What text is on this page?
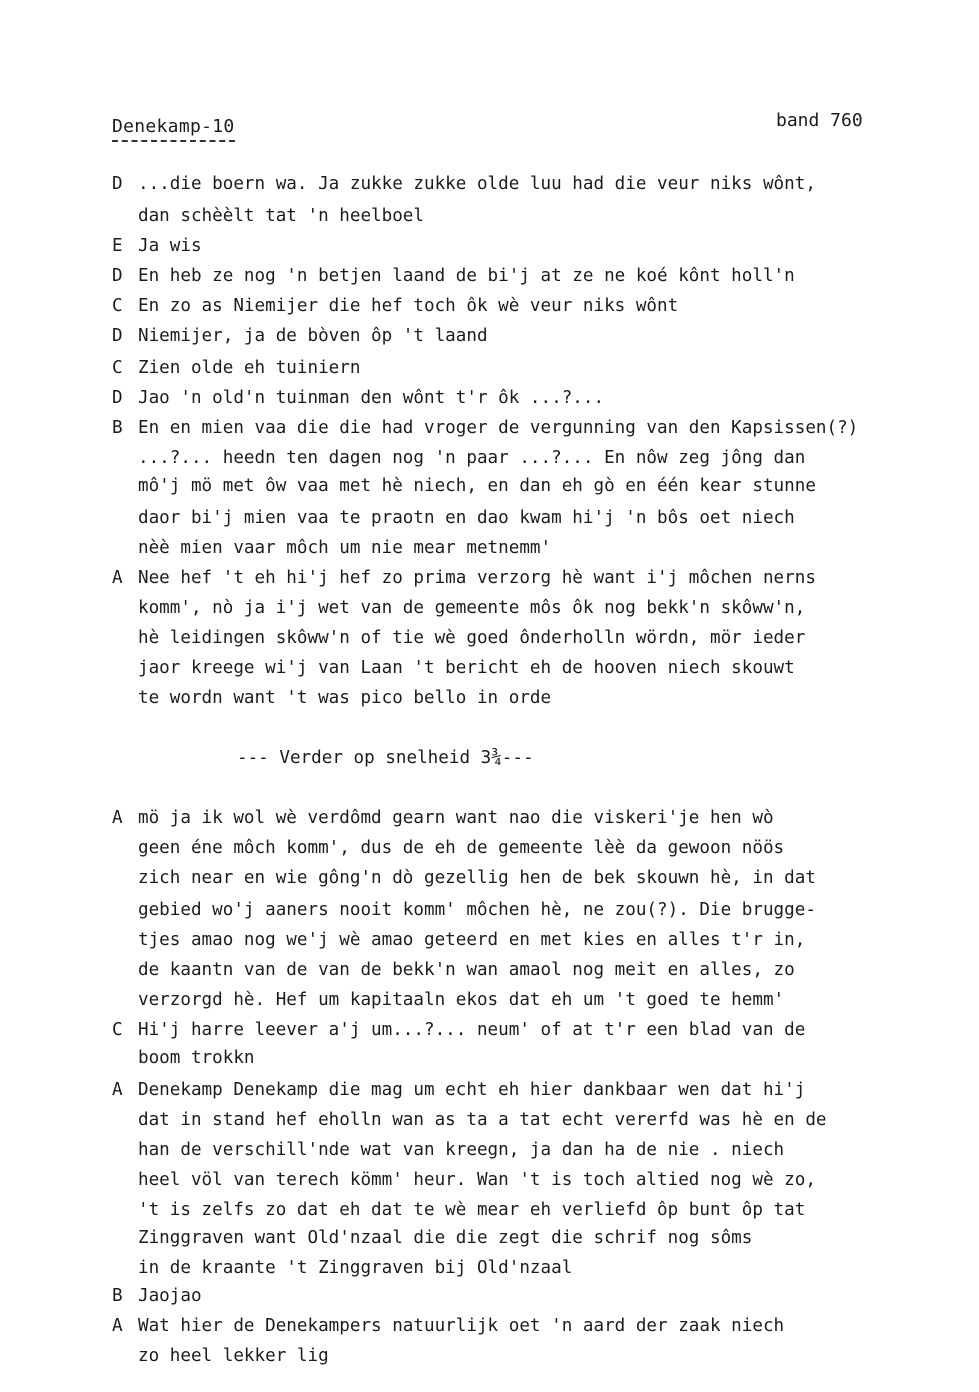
Denekamp-10	band 760
D ...die boern wa. Ja zukke zukke olde luu had die veur niks wônt,
dan schèèlt tat 'n heelboel
E Ja wis
D En heb ze nog 'n betjen laand de bi'j at ze ne koé kônt holl'n
C En zo as Niemijer die hef toch ôk wè veur niks wônt
D Niemijer, ja de bòven ôp 't laand
C Zien olde eh tuiniern
D Jao 'n old'n tuinman den wônt t'r ôk ...?...
B En en mien vaa die die had vroger de vergunning van den Kapsissen(?)
...?... heedn ten dagen nog 'n paar ...?... En nôw zeg jông dan
mô'j mö met ôw vaa met hè niech, en dan eh gò en één kear stunne
daor bi'j mien vaa te praotn en dao kwam hi'j 'n bôs oet niech
nèè mien vaar môch um nie mear metnemm'
A Nee hef 't eh hi'j hef zo prima verzorg hè want i'j môchen nerns
komm', nò ja i'j wet van de gemeente môs ôk nog bekk'n skôww'n,
hè leidingen skôww'n of tie wè goed ônderholln wördn, mör ieder
jaor kreege wi'j van Laan 't bericht eh de hooven niech skouwt
te wordn want 't was pico bello in orde
--- Verder op snelheid 3¾---
A mö ja ik wol wè verdômd gearn want nao die viskeri'je hen wò
geen éne môch komm', dus de eh de gemeente lèè da gewoon nöös
zich near en wie gông'n dò gezellig hen de bek skouwn hè, in dat
gebied wo'j aaners nooit komm' môchen hè, ne zou(?). Die brugge-
tjes amao nog we'j wè amao geteerd en met kies en alles t'r in,
de kaantn van de van de bekk'n wan amaol nog meit en alles, zo
verzorgd hè. Hef um kapitaaln ekos dat eh um 't goed te hemm'
C Hi'j harre leever a'j um...?... neum' of at t'r een blad van de
boom trokkn
A Denekamp Denekamp die mag um echt eh hier dankbaar wen dat hi'j
dat in stand hef eholln wan as ta a tat echt vererfd was hè en de
han de verschill'nde wat van kreegn, ja dan ha de nie . niech
heel völ van terech kömm' heur. Wan 't is toch altied nog wè zo,
't is zelfs zo dat eh dat te wè mear eh verliefd ôp bunt ôp tat
Zinggraven want Old'nzaal die die zegt die schrif nog sôms
in de kraante 't Zinggraven bij Old'nzaal
B Jaojao
A Wat hier de Denekampers natuurlijk oet 'n aard der zaak niech
zo heel lekker lig
